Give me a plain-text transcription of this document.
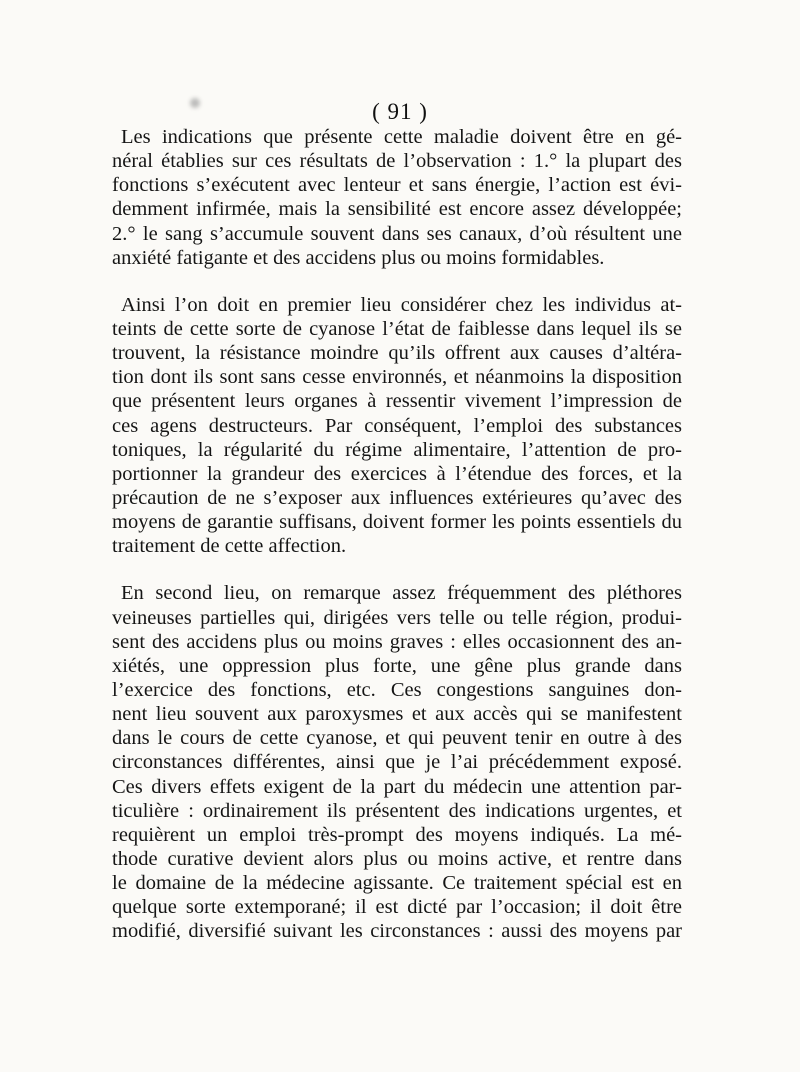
( 91 )
Les indications que présente cette maladie doivent être en gé-
néral établies sur ces résultats de l’observation : 1.° la plupart des
fonctions s’exécutent avec lenteur et sans énergie, l’action est évi-
demment infirmée, mais la sensibilité est encore assez développée;
2.° le sang s’accumule souvent dans ses canaux, d’où résultent une
anxiété fatigante et des accidens plus ou moins formidables.
Ainsi l’on doit en premier lieu considérer chez les individus at-
teints de cette sorte de cyanose l’état de faiblesse dans lequel ils se
trouvent, la résistance moindre qu’ils offrent aux causes d’altéra-
tion dont ils sont sans cesse environnés, et néanmoins la disposition
que présentent leurs organes à ressentir vivement l’impression de
ces agens destructeurs. Par conséquent, l’emploi des substances
toniques, la régularité du régime alimentaire, l’attention de pro-
portionner la grandeur des exercices à l’étendue des forces, et la
précaution de ne s’exposer aux influences extérieures qu’avec des
moyens de garantie suffisans, doivent former les points essentiels du
traitement de cette affection.
En second lieu, on remarque assez fréquemment des pléthores
veineuses partielles qui, dirigées vers telle ou telle région, produi-
sent des accidens plus ou moins graves : elles occasionnent des an-
xiétés, une oppression plus forte, une gêne plus grande dans
l’exercice des fonctions, etc. Ces congestions sanguines don-
nent lieu souvent aux paroxysmes et aux accès qui se manifestent
dans le cours de cette cyanose, et qui peuvent tenir en outre à des
circonstances différentes, ainsi que je l’ai précédemment exposé.
Ces divers effets exigent de la part du médecin une attention par-
ticulière : ordinairement ils présentent des indications urgentes, et
requièrent un emploi très-prompt des moyens indiqués. La mé-
thode curative devient alors plus ou moins active, et rentre dans
le domaine de la médecine agissante. Ce traitement spécial est en
quelque sorte extemporané; il est dicté par l’occasion; il doit être
modifié, diversifié suivant les circonstances : aussi des moyens par
